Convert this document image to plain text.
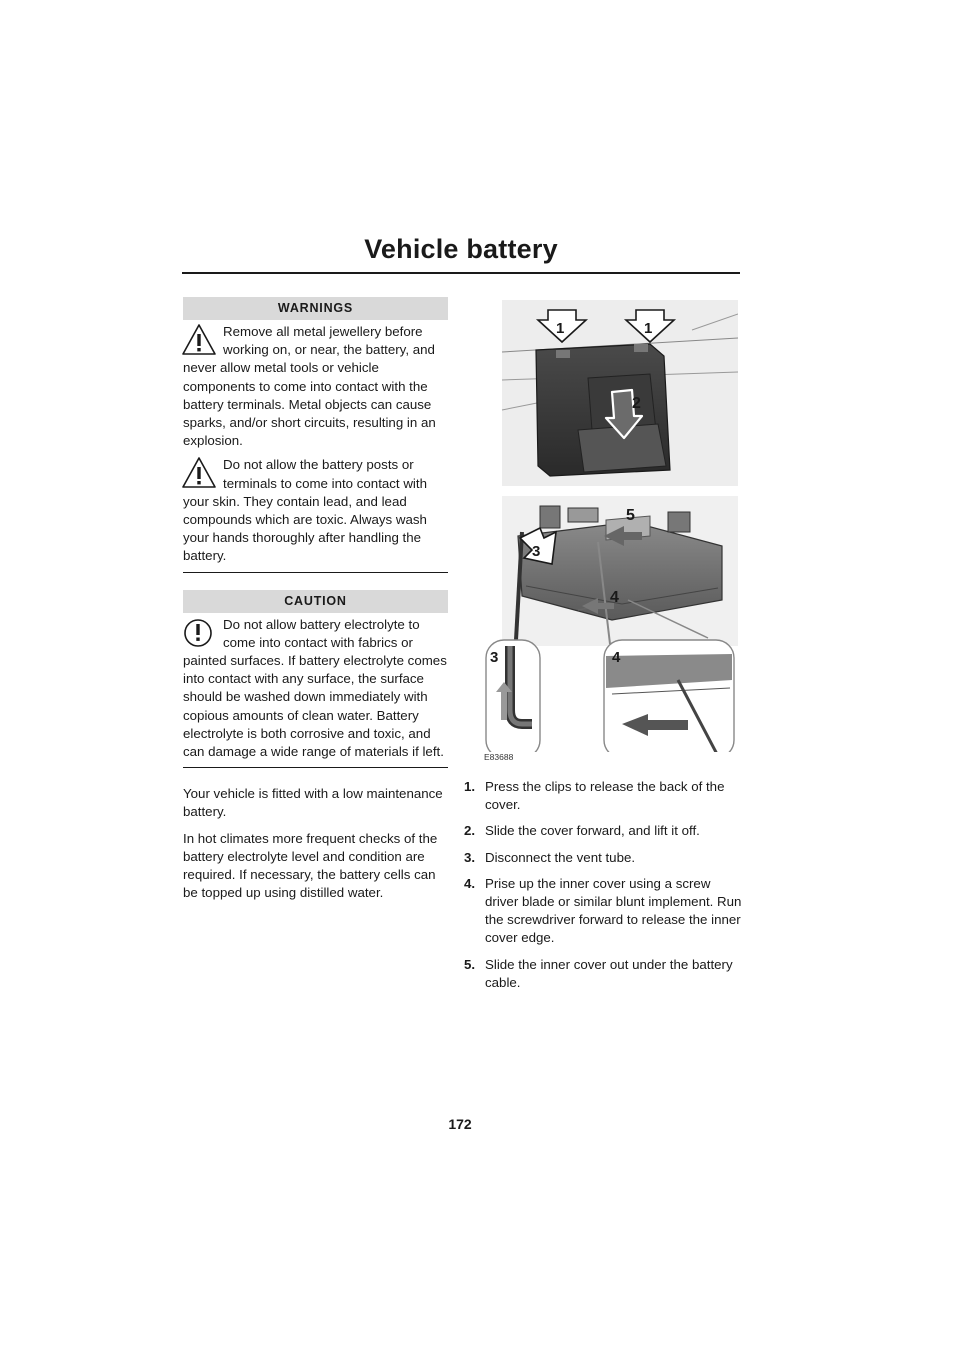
Vehicle battery
WARNINGS

Remove all metal jewellery before working on, or near, the battery, and never allow metal tools or vehicle components to come into contact with the battery terminals. Metal objects can cause sparks, and/or short circuits, resulting in an explosion.

Do not allow the battery posts or terminals to come into contact with your skin. They contain lead, and lead compounds which are toxic. Always wash your hands thoroughly after handling the battery.

CAUTION

Do not allow battery electrolyte to come into contact with fabrics or painted surfaces. If battery electrolyte comes into contact with any surface, the surface should be washed down immediately with copious amounts of clean water. Battery electrolyte is both corrosive and toxic, and can damage a wide range of materials if left.

Your vehicle is fitted with a low maintenance battery.

In hot climates more frequent checks of the battery electrolyte level and condition are required. If necessary, the battery cells can be topped up using distilled water.

1	1
2
5
3
4
3	4
E83688
1. Press the clips to release the back of the cover.
2. Slide the cover forward, and lift it off.
3. Disconnect the vent tube.
4. Prise up the inner cover using a screw driver blade or similar blunt implement. Run the screwdriver forward to release the inner cover edge.
5. Slide the inner cover out under the battery cable.
172
